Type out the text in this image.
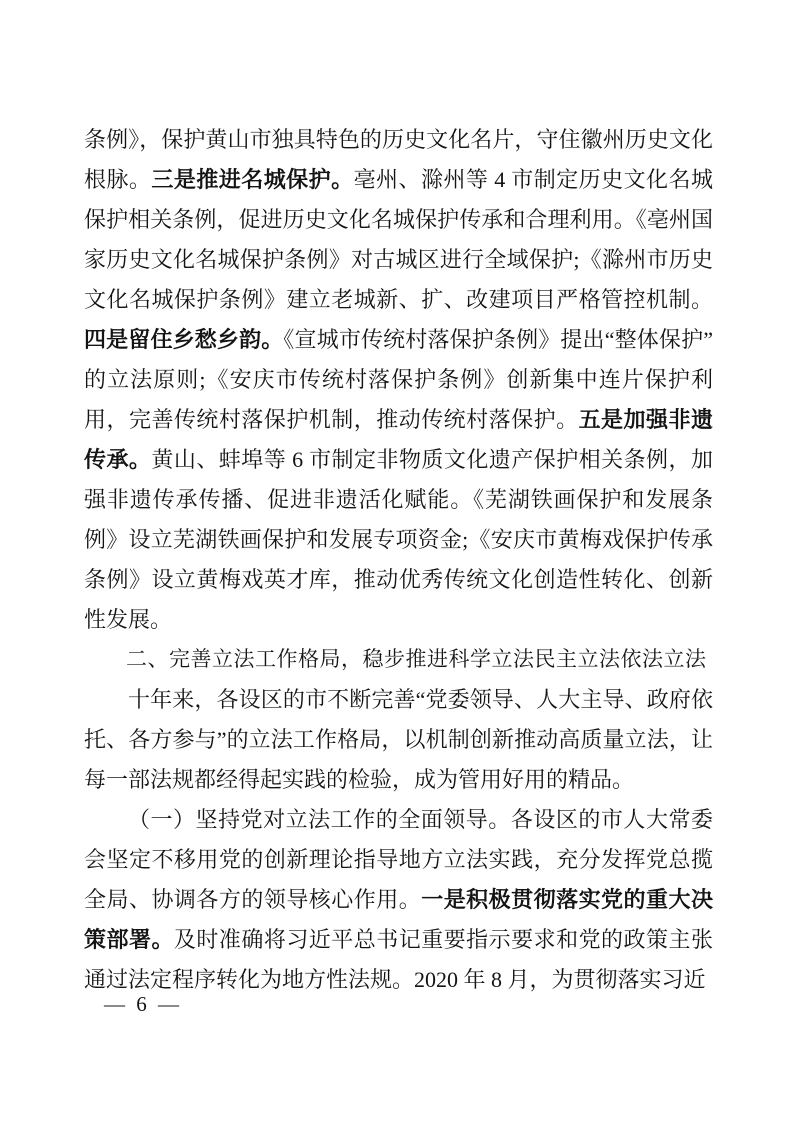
条例》，保护黄山市独具特色的历史文化名片，守住徽州历史文化根脉。三是推进名城保护。亳州、滁州等 4 市制定历史文化名城保护相关条例，促进历史文化名城保护传承和合理利用。《亳州国家历史文化名城保护条例》对古城区进行全域保护;《滁州市历史文化名城保护条例》建立老城新、扩、改建项目严格管控机制。四是留住乡愁乡韵。《宣城市传统村落保护条例》提出“整体保护”的立法原则;《安庆市传统村落保护条例》创新集中连片保护利用，完善传统村落保护机制，推动传统村落保护。五是加强非遗传承。黄山、蚌埠等 6 市制定非物质文化遗产保护相关条例，加强非遗传承传播、促进非遗活化赋能。《芜湖铁画保护和发展条例》设立芜湖铁画保护和发展专项资金;《安庆市黄梅戏保护传承条例》设立黄梅戏英才库，推动优秀传统文化创造性转化、创新性发展。

二、完善立法工作格局，稳步推进科学立法民主立法依法立法

十年来，各设区的市不断完善“党委领导、人大主导、政府依托、各方参与”的立法工作格局，以机制创新推动高质量立法，让每一部法规都经得起实践的检验，成为管用好用的精品。

（一）坚持党对立法工作的全面领导。各设区的市人大常委会坚定不移用党的创新理论指导地方立法实践，充分发挥党总揽全局、协调各方的领导核心作用。一是积极贯彻落实党的重大决策部署。及时准确将习近平总书记重要指示要求和党的政策主张通过法定程序转化为地方性法规。2020 年 8 月，为贯彻落实习近

— 6 —
